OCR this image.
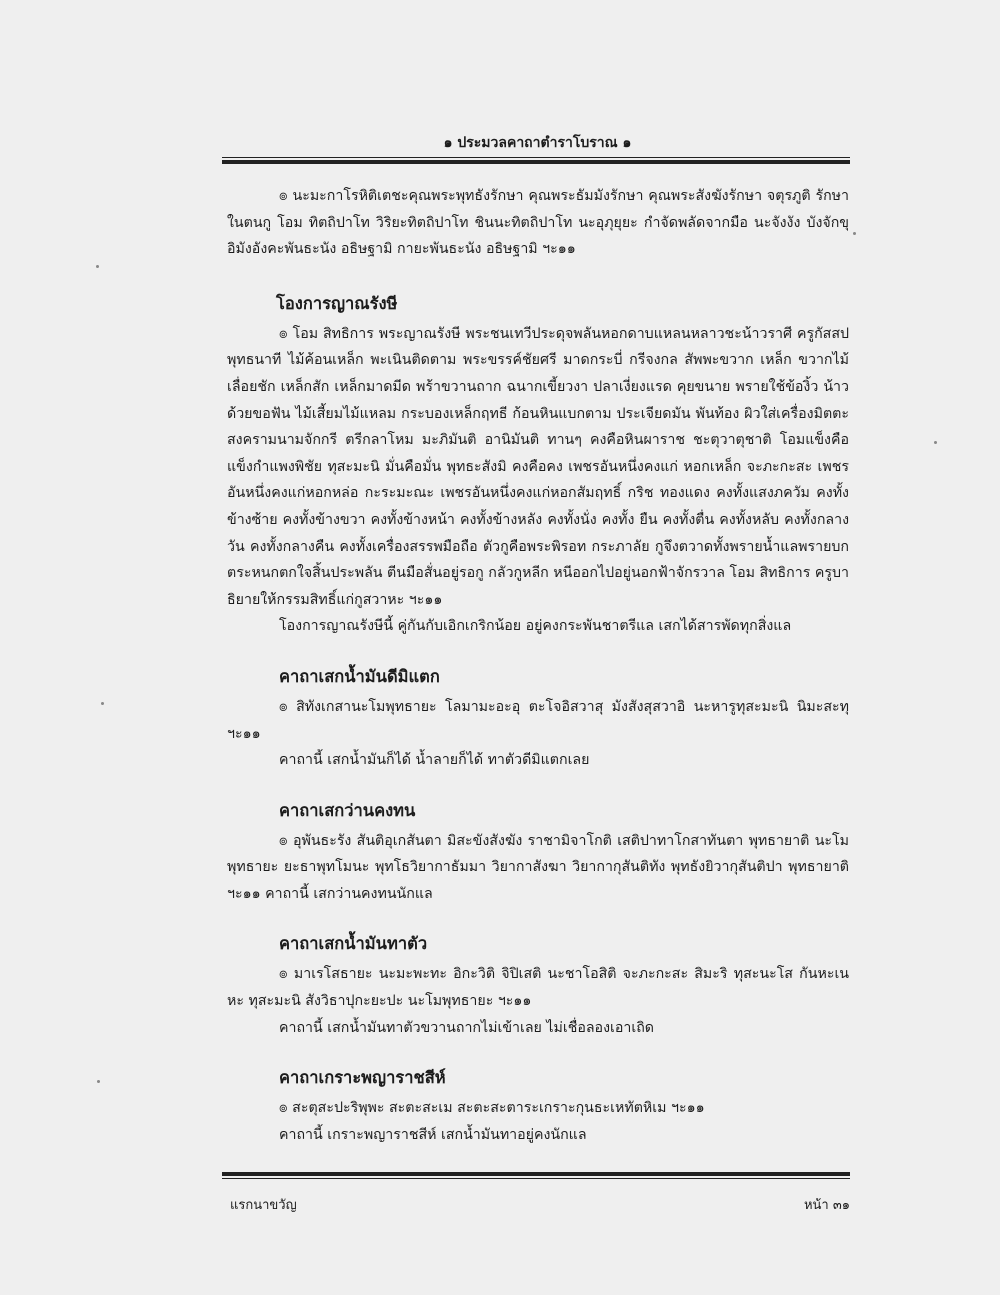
๑ ประมวลคาถาตำราโบราณ ๑

๏ นะมะกาโรหิติเตชะคุณพระพุทธังรักษา คุณพระธัมมังรักษา คุณพระสังฆังรักษา จตุรภูติ รักษาในตนกู โอม ทิตถิปาโท วิริยะทิตถิปาโท ชินนะทิตถิปาโท นะอุภุยุยะ กำจัดพลัดจากมือ นะจังงัง บังจักขุ อิมังอังคะพันธะนัง อธิษฐามิ กายะพันธะนัง อธิษฐามิ ฯะ๑๑

โองการญาณรังษี

๏ โอม สิทธิการ พระญาณรังษี พระชนเทวีประดุจพลันหอกดาบแหลนหลาวชะน้าวราศี ครูกัสสปพุทธนาที ไม้ค้อนเหล็ก พะเนินติดตาม พระขรรค์ชัยศรี มาดกระบี่ กรีจงกล สัพพะขวาก เหล็ก ขวากไม้ เลื่อยชัก เหล็กสัก เหล็กมาดมีด พร้าขวานถาก ฉนากเขี้ยวงา ปลาเงี่ยงแรด คุยขนาย พรายใช้ข้องิ้ว น้าวด้วยขอฟัน ไม้เสี้ยมไม้แหลม กระบองเหล็กฤทธี ก้อนหินแบกตาม ประเจียดมัน พันท้อง ผิวใส่เครื่องมิตตะสงครามนามจักกรี ตรีกลาโหม มะภิมันติ อานิมันติ ทานๆ คงคือหินผาราช ชะตุวาตุชาติ โอมแข็งคือแข็งกำแพงพิชัย ทุสะมะนิ มั่นคือมั่น พุทธะสังมิ คงคือคง เพชรอันหนึ่งคงแก่ หอกเหล็ก จะภะกะสะ เพชรอันหนึ่งคงแก่หอกหล่อ กะระมะณะ เพชรอันหนึ่งคงแก่หอกสัมฤทธิ์ กริช ทองแดง คงทั้งแสงภควัม คงทั้งข้างซ้าย คงทั้งข้างขวา คงทั้งข้างหน้า คงทั้งข้างหลัง คงทั้งนั่ง คงทั้ง ยืน คงทั้งตื่น คงทั้งหลับ คงทั้งกลางวัน คงทั้งกลางคืน คงทั้งเครื่องสรรพมือถือ ตัวกูคือพระพิรอท กระภาลัย กูจึงตวาดทั้งพรายน้ำแลพรายบก ตระหนกตกใจสิ้นประพลัน ตีนมือสั่นอยู่รอกู กลัวกูหลีก หนีออกไปอยู่นอกฟ้าจักรวาล โอม สิทธิการ ครูบาธิยายให้กรรมสิทธิ์แก่กูสวาหะ ฯะ๑๑

โองการญาณรังษีนี้ คู่กันกับเอิกเกริกน้อย อยู่คงกระพันชาตรีแล เสกได้สารพัดทุกสิ่งแล

คาถาเสกน้ำมันดีมิแตก

๏ สิทังเกสานะโมพุทธายะ โลมามะอะอุ ตะโจอิสวาสุ มังสังสุสวาอิ นะหารูทุสะมะนิ นิมะสะทุ ฯะ๑๑

คาถานี้ เสกน้ำมันก็ได้ น้ำลายก็ได้ ทาตัวดีมิแตกเลย

คาถาเสกว่านคงทน

๏ อุพันธะรัง สันติอุเกสันตา มิสะขังสังฆัง ราชามิจาโกติ เสติปาทาโกสาทันตา พุทธายาติ นะโมพุทธายะ ยะธาพุทโมนะ พุทโธวิยากาธัมมา วิยากาสังฆา วิยากากุสันติทัง พุทธังยิวากุสันติปา พุทธายาติ ฯะ๑๑ คาถานี้ เสกว่านคงทนนักแล

คาถาเสกน้ำมันทาตัว

๏ มาเรโสธายะ นะมะพะทะ อิกะวิติ จิปิเสติ นะชาโอสิติ จะภะกะสะ สิมะริ ทุสะนะโส กันหะเนหะ ทุสะมะนิ สังวิธาปุกะยะปะ นะโมพุทธายะ ฯะ๑๑

คาถานี้ เสกน้ำมันทาตัวขวานถากไม่เข้าเลย ไม่เชื่อลองเอาเถิด

คาถาเกราะพญาราชสีห์

๏ สะตุสะปะริพุพะ สะตะสะเม สะตะสะตาระเกราะกุนธะเหทัตหิเม ฯะ๑๑

คาถานี้ เกราะพญาราชสีห์ เสกน้ำมันทาอยู่คงนักแล

แรกนาขวัญ	หน้า ๓๑
